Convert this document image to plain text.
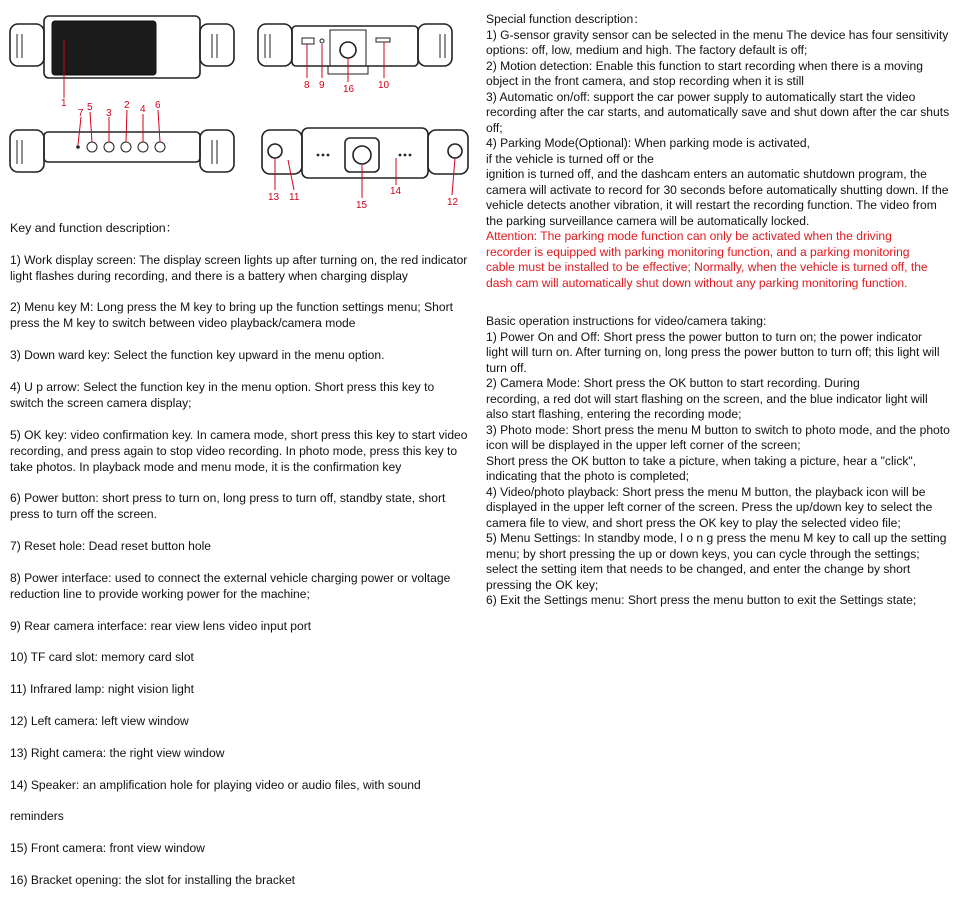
1 5	2 4 6
7 3
8 9 16 10
13 11
15
14
12

Key and function description：

1) Work display screen: The display screen lights up after turning on, the red indicator
light flashes during recording, and there is a battery when charging display

2) Menu key M: Long press the M key to bring up the function settings menu; Short
press the M key to switch between video playback/camera mode

3) Down ward key: Select the function key upward in the menu option.

4) U p arrow: Select the function key in the menu option. Short press this key to
switch the screen camera display;

5) OK key: video confirmation key. In camera mode, short press this key to start video
recording, and press again to stop video recording. In photo mode, press this key to
take photos. In playback mode and menu mode, it is the confirmation key

6) Power button: short press to turn on, long press to turn off, standby state, short
press to turn off the screen.

7) Reset hole: Dead reset button hole

8) Power interface: used to connect the external vehicle charging power or voltage
reduction line to provide working power for the machine;

9) Rear camera interface: rear view lens video input port

10) TF card slot: memory card slot

11) Infrared lamp: night vision light

12) Left camera: left view window

13) Right camera: the right view window

14) Speaker: an amplification hole for playing video or audio files, with sound

reminders

15) Front camera: front view window

16) Bracket opening: the slot for installing the bracket

Special function description：
1) G-sensor gravity sensor can be selected in the menu The device has four sensitivity
options: off, low, medium and high. The factory default is off;
2) Motion detection: Enable this function to start recording when there is a moving
object in the front camera, and stop recording when it is still
3) Automatic on/off: support the car power supply to automatically start the video
recording after the car starts, and automatically save and shut down after the car shuts
off;
4) Parking Mode(Optional): When parking mode is activated,
if the vehicle is turned off or the
ignition is turned off, and the dashcam enters an automatic shutdown program, the
camera will activate to record for 30 seconds before automatically shutting down. If the
vehicle detects another vibration, it will restart the recording function. The video from
the parking surveillance camera will be automatically locked.
Attention: The parking mode function can only be activated when the driving
recorder is equipped with parking monitoring function, and a parking monitoring
cable must be installed to be effective; Normally, when the vehicle is turned off, the
dash cam will automatically shut down without any parking monitoring function.
Basic operation instructions for video/camera taking:
1) Power On and Off: Short press the power button to turn on; the power indicator
light will turn on. After turning on, long press the power button to turn off; this light will
turn off.
2) Camera Mode: Short press the OK button to start recording. During
recording, a red dot will start flashing on the screen, and the blue indicator light will
also start flashing, entering the recording mode;
3) Photo mode: Short press the menu M button to switch to photo mode, and the photo
icon will be displayed in the upper left corner of the screen;
Short press the OK button to take a picture, when taking a picture, hear a "click",
indicating that the photo is completed;
4) Video/photo playback: Short press the menu M button, the playback icon will be
displayed in the upper left corner of the screen. Press the up/down key to select the
camera file to view, and short press the OK key to play the selected video file;
5) Menu Settings: In standby mode, l o n g press the menu M key to call up the setting
menu; by short pressing the up or down keys, you can cycle through the settings;
select the setting item that needs to be changed, and enter the change by short
pressing the OK key;
6) Exit the Settings menu: Short press the menu button to exit the Settings state;
